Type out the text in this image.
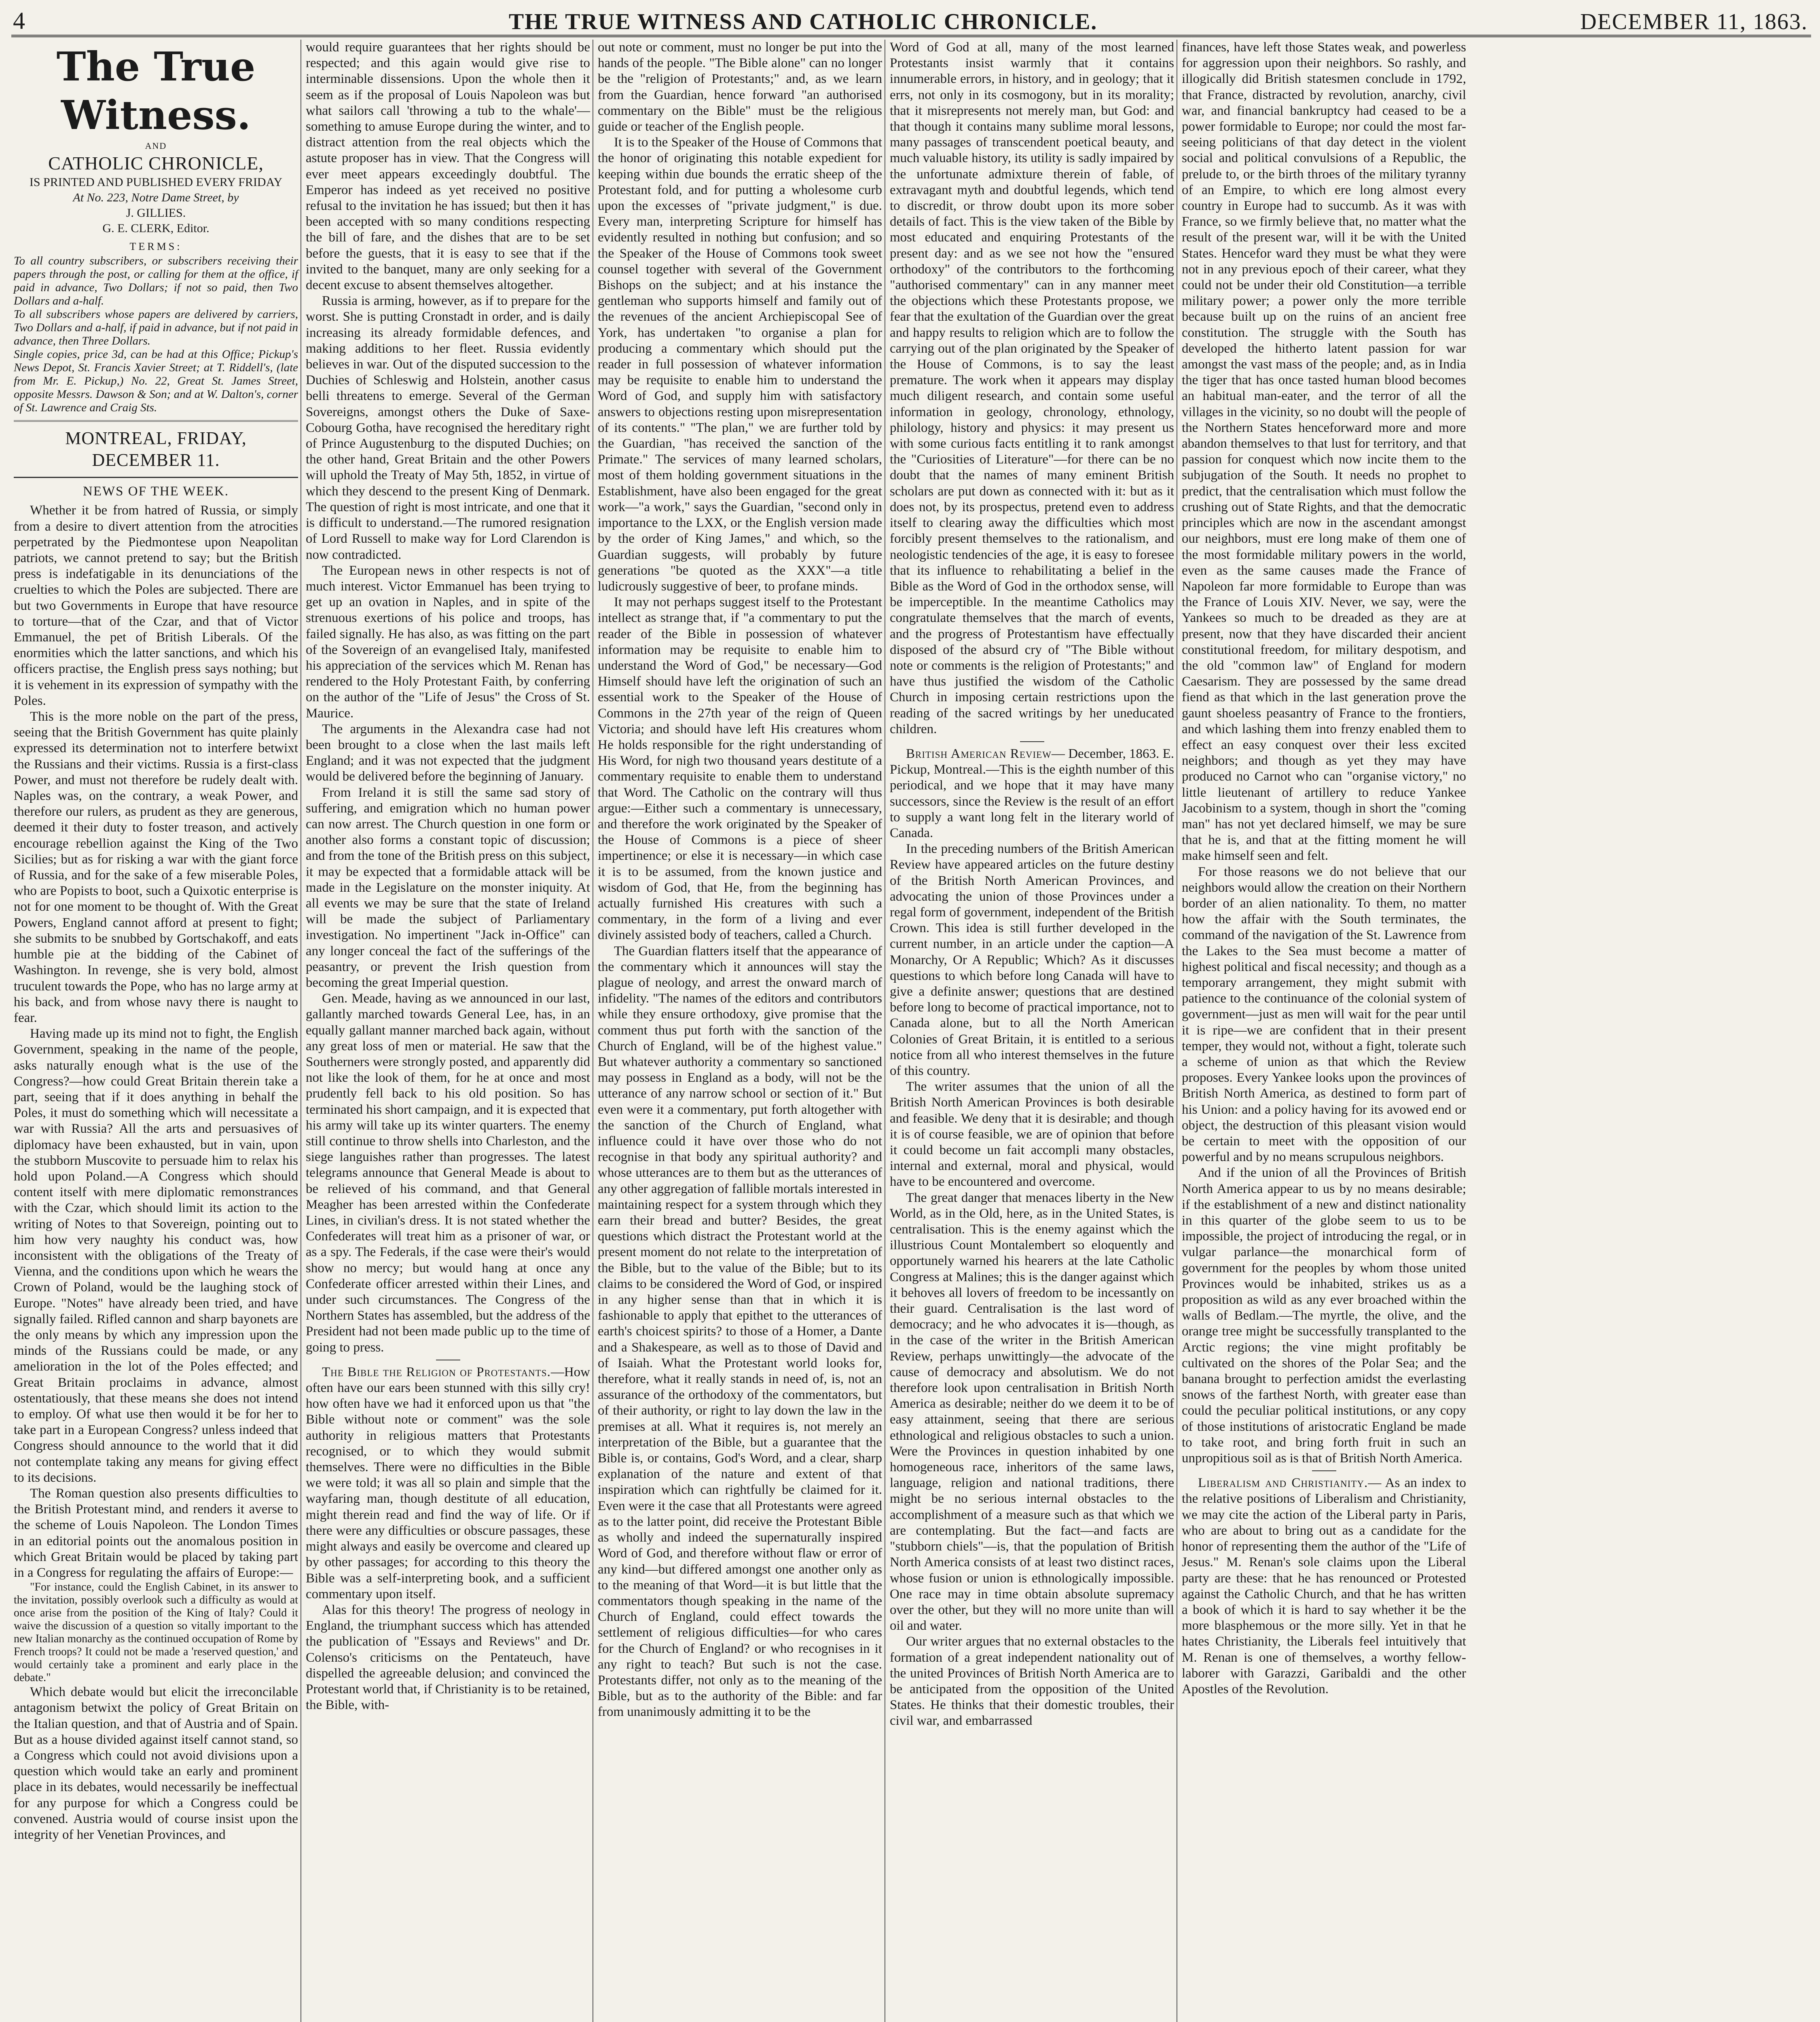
4	THE TRUE WITNESS AND CATHOLIC CHRONICLE.	DECEMBER 11, 1863.
The True Witness.
AND
CATHOLIC CHRONICLE,
IS PRINTED AND PUBLISHED EVERY FRIDAY
At No. 223, Notre Dame Street, by
J. GILLIES.
G. E. CLERK, Editor.
TERMS:

To all country subscribers, or subscribers receiving their papers through the post, or calling for them at the office, if paid in advance, Two Dollars; if not so paid, then Two Dollars and a-half.

To all subscribers whose papers are delivered by carriers, Two Dollars and a-half, if paid in advance, but if not paid in advance, then Three Dollars.

Single copies, price 3d, can be had at this Office; Pickup's News Depot, St. Francis Xavier Street; at T. Riddell's, (late from Mr. E. Pickup,) No. 22, Great St. James Street, opposite Messrs. Dawson & Son; and at W. Dalton's, corner of St. Lawrence and Craig Sts.

MONTREAL, FRIDAY, DECEMBER 11.
NEWS OF THE WEEK.

Whether it be from hatred of Russia, or simply from a desire to divert attention from the atrocities perpetrated by the Piedmontese upon Neapolitan patriots, we cannot pretend to say; but the British press is indefatigable in its denunciations of the cruelties to which the Poles are subjected. There are but two Governments in Europe that have resource to torture—that of the Czar, and that of Victor Emmanuel, the pet of British Liberals. Of the enormities which the latter sanctions, and which his officers practise, the English press says nothing; but it is vehement in its expression of sympathy with the Poles.

This is the more noble on the part of the press, seeing that the British Government has quite plainly expressed its determination not to interfere betwixt the Russians and their victims. Russia is a first-class Power, and must not therefore be rudely dealt with. Naples was, on the contrary, a weak Power, and therefore our rulers, as prudent as they are generous, deemed it their duty to foster treason, and actively encourage rebellion against the King of the Two Sicilies; but as for risking a war with the giant force of Russia, and for the sake of a few miserable Poles, who are Popists to boot, such a Quixotic enterprise is not for one moment to be thought of. With the Great Powers, England cannot afford at present to fight; she submits to be snubbed by Gortschakoff, and eats humble pie at the bidding of the Cabinet of Washington. In revenge, she is very bold, almost truculent towards the Pope, who has no large army at his back, and from whose navy there is naught to fear.

Having made up its mind not to fight, the English Government, speaking in the name of the people, asks naturally enough what is the use of the Congress?—how could Great Britain therein take a part, seeing that if it does anything in behalf the Poles, it must do something which will necessitate a war with Russia? All the arts and persuasives of diplomacy have been exhausted, but in vain, upon the stubborn Muscovite to persuade him to relax his hold upon Poland.—A Congress which should content itself with mere diplomatic remonstrances with the Czar, which should limit its action to the writing of Notes to that Sovereign, pointing out to him how very naughty his conduct was, how inconsistent with the obligations of the Treaty of Vienna, and the conditions upon which he wears the Crown of Poland, would be the laughing stock of Europe. "Notes" have already been tried, and have signally failed. Rifled cannon and sharp bayonets are the only means by which any impression upon the minds of the Russians could be made, or any amelioration in the lot of the Poles effected; and Great Britain proclaims in advance, almost ostentatiously, that these means she does not intend to employ. Of what use then would it be for her to take part in a European Congress? unless indeed that Congress should announce to the world that it did not contemplate taking any means for giving effect to its decisions.

The Roman question also presents difficulties to the British Protestant mind, and renders it averse to the scheme of Louis Napoleon. The London Times in an editorial points out the anomalous position in which Great Britain would be placed by taking part in a Congress for regulating the affairs of Europe:—

"For instance, could the English Cabinet, in its answer to the invitation, possibly overlook such a difficulty as would at once arise from the position of the King of Italy? Could it waive the discussion of a question so vitally important to the new Italian monarchy as the continued occupation of Rome by French troops? It could not be made a 'reserved question,' and would certainly take a prominent and early place in the debate."

Which debate would but elicit the irreconcilable antagonism betwixt the policy of Great Britain on the Italian question, and that of Austria and of Spain. But as a house divided against itself cannot stand, so a Congress which could not avoid divisions upon a question which would take an early and prominent place in its debates, would necessarily be ineffectual for any purpose for which a Congress could be convened. Austria would of course insist upon the integrity of her Venetian Provinces, and

would require guarantees that her rights should be respected; and this again would give rise to interminable dissensions. Upon the whole then it seem as if the proposal of Louis Napoleon was but what sailors call 'throwing a tub to the whale'—something to amuse Europe during the winter, and to distract attention from the real objects which the astute proposer has in view. That the Congress will ever meet appears exceedingly doubtful. The Emperor has indeed as yet received no positive refusal to the invitation he has issued; but then it has been accepted with so many conditions respecting the bill of fare, and the dishes that are to be set before the guests, that it is easy to see that if the invited to the banquet, many are only seeking for a decent excuse to absent themselves altogether.

Russia is arming, however, as if to prepare for the worst. She is putting Cronstadt in order, and is daily increasing its already formidable defences, and making additions to her fleet. Russia evidently believes in war. Out of the disputed succession to the Duchies of Schleswig and Holstein, another casus belli threatens to emerge. Several of the German Sovereigns, amongst others the Duke of Saxe-Cobourg Gotha, have recognised the hereditary right of Prince Augustenburg to the disputed Duchies; on the other hand, Great Britain and the other Powers will uphold the Treaty of May 5th, 1852, in virtue of which they descend to the present King of Denmark. The question of right is most intricate, and one that it is difficult to understand.—The rumored resignation of Lord Russell to make way for Lord Clarendon is now contradicted.

The European news in other respects is not of much interest. Victor Emmanuel has been trying to get up an ovation in Naples, and in spite of the strenuous exertions of his police and troops, has failed signally. He has also, as was fitting on the part of the Sovereign of an evangelised Italy, manifested his appreciation of the services which M. Renan has rendered to the Holy Protestant Faith, by conferring on the author of the "Life of Jesus" the Cross of St. Maurice.

The arguments in the Alexandra case had not been brought to a close when the last mails left England; and it was not expected that the judgment would be delivered before the beginning of January.

From Ireland it is still the same sad story of suffering, and emigration which no human power can now arrest. The Church question in one form or another also forms a constant topic of discussion; and from the tone of the British press on this subject, it may be expected that a formidable attack will be made in the Legislature on the monster iniquity. At all events we may be sure that the state of Ireland will be made the subject of Parliamentary investigation. No impertinent "Jack in-Office" can any longer conceal the fact of the sufferings of the peasantry, or prevent the Irish question from becoming the great Imperial question.

Gen. Meade, having as we announced in our last, gallantly marched towards General Lee, has, in an equally gallant manner marched back again, without any great loss of men or material. He saw that the Southerners were strongly posted, and apparently did not like the look of them, for he at once and most prudently fell back to his old position. So has terminated his short campaign, and it is expected that his army will take up its winter quarters. The enemy still continue to throw shells into Charleston, and the siege languishes rather than progresses. The latest telegrams announce that General Meade is about to be relieved of his command, and that General Meagher has been arrested within the Confederate Lines, in civilian's dress. It is not stated whether the Confederates will treat him as a prisoner of war, or as a spy. The Federals, if the case were their's would show no mercy; but would hang at once any Confederate officer arrested within their Lines, and under such circumstances. The Congress of the Northern States has assembled, but the address of the President had not been made public up to the time of going to press.

The Bible the Religion of Protestants.—How often have our ears been stunned with this silly cry! how often have we had it enforced upon us that "the Bible without note or comment" was the sole authority in religious matters that Protestants recognised, or to which they would submit themselves. There were no difficulties in the Bible we were told; it was all so plain and simple that the wayfaring man, though destitute of all education, might therein read and find the way of life. Or if there were any difficulties or obscure passages, these might always and easily be overcome and cleared up by other passages; for according to this theory the Bible was a self-interpreting book, and a sufficient commentary upon itself.

Alas for this theory! The progress of neology in England, the triumphant success which has attended the publication of "Essays and Reviews" and Dr. Colenso's criticisms on the Pentateuch, have dispelled the agreeable delusion; and convinced the Protestant world that, if Christianity is to be retained, the Bible, with-

out note or comment, must no longer be put into the hands of the people. "The Bible alone" can no longer be the "religion of Protestants;" and, as we learn from the Guardian, hence forward "an authorised commentary on the Bible" must be the religious guide or teacher of the English people.

It is to the Speaker of the House of Commons that the honor of originating this notable expedient for keeping within due bounds the erratic sheep of the Protestant fold, and for putting a wholesome curb upon the excesses of "private judgment," is due. Every man, interpreting Scripture for himself has evidently resulted in nothing but confusion; and so the Speaker of the House of Commons took sweet counsel together with several of the Government Bishops on the subject; and at his instance the gentleman who supports himself and family out of the revenues of the ancient Archiepiscopal See of York, has undertaken "to organise a plan for producing a commentary which should put the reader in full possession of whatever information may be requisite to enable him to understand the Word of God, and supply him with satisfactory answers to objections resting upon misrepresentation of its contents." "The plan," we are further told by the Guardian, "has received the sanction of the Primate." The services of many learned scholars, most of them holding government situations in the Establishment, have also been engaged for the great work—"a work," says the Guardian, "second only in importance to the LXX, or the English version made by the order of King James," and which, so the Guardian suggests, will probably by future generations "be quoted as the XXX"—a title ludicrously suggestive of beer, to profane minds.

It may not perhaps suggest itself to the Protestant intellect as strange that, if "a commentary to put the reader of the Bible in possession of whatever information may be requisite to enable him to understand the Word of God," be necessary—God Himself should have left the origination of such an essential work to the Speaker of the House of Commons in the 27th year of the reign of Queen Victoria; and should have left His creatures whom He holds responsible for the right understanding of His Word, for nigh two thousand years destitute of a commentary requisite to enable them to understand that Word. The Catholic on the contrary will thus argue:—Either such a commentary is unnecessary, and therefore the work originated by the Speaker of the House of Commons is a piece of sheer impertinence; or else it is necessary—in which case it is to be assumed, from the known justice and wisdom of God, that He, from the beginning has actually furnished His creatures with such a commentary, in the form of a living and ever divinely assisted body of teachers, called a Church.

The Guardian flatters itself that the appearance of the commentary which it announces will stay the plague of neology, and arrest the onward march of infidelity. "The names of the editors and contributors while they ensure orthodoxy, give promise that the comment thus put forth with the sanction of the Church of England, will be of the highest value." But whatever authority a commentary so sanctioned may possess in England as a body, will not be the utterance of any narrow school or section of it." But even were it a commentary, put forth altogether with the sanction of the Church of England, what influence could it have over those who do not recognise in that body any spiritual authority? and whose utterances are to them but as the utterances of any other aggregation of fallible mortals interested in maintaining respect for a system through which they earn their bread and butter? Besides, the great questions which distract the Protestant world at the present moment do not relate to the interpretation of the Bible, but to the value of the Bible; but to its claims to be considered the Word of God, or inspired in any higher sense than that in which it is fashionable to apply that epithet to the utterances of earth's choicest spirits? to those of a Homer, a Dante and a Shakespeare, as well as to those of David and of Isaiah. What the Protestant world looks for, therefore, what it really stands in need of, is, not an assurance of the orthodoxy of the commentators, but of their authority, or right to lay down the law in the premises at all. What it requires is, not merely an interpretation of the Bible, but a guarantee that the Bible is, or contains, God's Word, and a clear, sharp explanation of the nature and extent of that inspiration which can rightfully be claimed for it. Even were it the case that all Protestants were agreed as to the latter point, did receive the Protestant Bible as wholly and indeed the supernaturally inspired Word of God, and therefore without flaw or error of any kind—but differed amongst one another only as to the meaning of that Word—it is but little that the commentators though speaking in the name of the Church of England, could effect towards the settlement of religious difficulties—for who cares for the Church of England? or who recognises in it any right to teach? But such is not the case. Protestants differ, not only as to the meaning of the Bible, but as to the authority of the Bible: and far from unanimously admitting it to be the

Word of God at all, many of the most learned Protestants insist warmly that it contains innumerable errors, in history, and in geology; that it errs, not only in its cosmogony, but in its morality; that it misrepresents not merely man, but God: and that though it contains many sublime moral lessons, many passages of transcendent poetical beauty, and much valuable history, its utility is sadly impaired by the unfortunate admixture therein of fable, of extravagant myth and doubtful legends, which tend to discredit, or throw doubt upon its more sober details of fact. This is the view taken of the Bible by most educated and enquiring Protestants of the present day: and as we see not how the "ensured orthodoxy" of the contributors to the forthcoming "authorised commentary" can in any manner meet the objections which these Protestants propose, we fear that the exultation of the Guardian over the great and happy results to religion which are to follow the carrying out of the plan originated by the Speaker of the House of Commons, is to say the least premature. The work when it appears may display much diligent research, and contain some useful information in geology, chronology, ethnology, philology, history and physics: it may present us with some curious facts entitling it to rank amongst the "Curiosities of Literature"—for there can be no doubt that the names of many eminent British scholars are put down as connected with it: but as it does not, by its prospectus, pretend even to address itself to clearing away the difficulties which most forcibly present themselves to the rationalism, and neologistic tendencies of the age, it is easy to foresee that its influence to rehabilitating a belief in the Bible as the Word of God in the orthodox sense, will be imperceptible. In the meantime Catholics may congratulate themselves that the march of events, and the progress of Protestantism have effectually disposed of the absurd cry of "The Bible without note or comments is the religion of Protestants;" and have thus justified the wisdom of the Catholic Church in imposing certain restrictions upon the reading of the sacred writings by her uneducated children.

British American Review— December, 1863. E. Pickup, Montreal.—This is the eighth number of this periodical, and we hope that it may have many successors, since the Review is the result of an effort to supply a want long felt in the literary world of Canada.

In the preceding numbers of the British American Review have appeared articles on the future destiny of the British North American Provinces, and advocating the union of those Provinces under a regal form of government, independent of the British Crown. This idea is still further developed in the current number, in an article under the caption—A Monarchy, Or A Republic; Which? As it discusses questions to which before long Canada will have to give a definite answer; questions that are destined before long to become of practical importance, not to Canada alone, but to all the North American Colonies of Great Britain, it is entitled to a serious notice from all who interest themselves in the future of this country.

The writer assumes that the union of all the British North American Provinces is both desirable and feasible. We deny that it is desirable; and though it is of course feasible, we are of opinion that before it could become un fait accompli many obstacles, internal and external, moral and physical, would have to be encountered and overcome.

The great danger that menaces liberty in the New World, as in the Old, here, as in the United States, is centralisation. This is the enemy against which the illustrious Count Montalembert so eloquently and opportunely warned his hearers at the late Catholic Congress at Malines; this is the danger against which it behoves all lovers of freedom to be incessantly on their guard. Centralisation is the last word of democracy; and he who advocates it is—though, as in the case of the writer in the British American Review, perhaps unwittingly—the advocate of the cause of democracy and absolutism. We do not therefore look upon centralisation in British North America as desirable; neither do we deem it to be of easy attainment, seeing that there are serious ethnological and religious obstacles to such a union. Were the Provinces in question inhabited by one homogeneous race, inheritors of the same laws, language, religion and national traditions, there might be no serious internal obstacles to the accomplishment of a measure such as that which we are contemplating. But the fact—and facts are "stubborn chiels"—is, that the population of British North America consists of at least two distinct races, whose fusion or union is ethnologically impossible. One race may in time obtain absolute supremacy over the other, but they will no more unite than will oil and water.

Our writer argues that no external obstacles to the formation of a great independent nationality out of the united Provinces of British North America are to be anticipated from the opposition of the United States. He thinks that their domestic troubles, their civil war, and embarrassed

finances, have left those States weak, and powerless for aggression upon their neighbors. So rashly, and illogically did British statesmen conclude in 1792, that France, distracted by revolution, anarchy, civil war, and financial bankruptcy had ceased to be a power formidable to Europe; nor could the most far-seeing politicians of that day detect in the violent social and political convulsions of a Republic, the prelude to, or the birth throes of the military tyranny of an Empire, to which ere long almost every country in Europe had to succumb. As it was with France, so we firmly believe that, no matter what the result of the present war, will it be with the United States. Hencefor ward they must be what they were not in any previous epoch of their career, what they could not be under their old Constitution—a terrible military power; a power only the more terrible because built up on the ruins of an ancient free constitution. The struggle with the South has developed the hitherto latent passion for war amongst the vast mass of the people; and, as in India the tiger that has once tasted human blood becomes an habitual man-eater, and the terror of all the villages in the vicinity, so no doubt will the people of the Northern States henceforward more and more abandon themselves to that lust for territory, and that passion for conquest which now incite them to the subjugation of the South. It needs no prophet to predict, that the centralisation which must follow the crushing out of State Rights, and that the democratic principles which are now in the ascendant amongst our neighbors, must ere long make of them one of the most formidable military powers in the world, even as the same causes made the France of Napoleon far more formidable to Europe than was the France of Louis XIV. Never, we say, were the Yankees so much to be dreaded as they are at present, now that they have discarded their ancient constitutional freedom, for military despotism, and the old "common law" of England for modern Caesarism. They are possessed by the same dread fiend as that which in the last generation prove the gaunt shoeless peasantry of France to the frontiers, and which lashing them into frenzy enabled them to effect an easy conquest over their less excited neighbors; and though as yet they may have produced no Carnot who can "organise victory," no little lieutenant of artillery to reduce Yankee Jacobinism to a system, though in short the "coming man" has not yet declared himself, we may be sure that he is, and that at the fitting moment he will make himself seen and felt.

For those reasons we do not believe that our neighbors would allow the creation on their Northern border of an alien nationality. To them, no matter how the affair with the South terminates, the command of the navigation of the St. Lawrence from the Lakes to the Sea must become a matter of highest political and fiscal necessity; and though as a temporary arrangement, they might submit with patience to the continuance of the colonial system of government—just as men will wait for the pear until it is ripe—we are confident that in their present temper, they would not, without a fight, tolerate such a scheme of union as that which the Review proposes. Every Yankee looks upon the provinces of British North America, as destined to form part of his Union: and a policy having for its avowed end or object, the destruction of this pleasant vision would be certain to meet with the opposition of our powerful and by no means scrupulous neighbors.

And if the union of all the Provinces of British North America appear to us by no means desirable; if the establishment of a new and distinct nationality in this quarter of the globe seem to us to be impossible, the project of introducing the regal, or in vulgar parlance—the monarchical form of government for the peoples by whom those united Provinces would be inhabited, strikes us as a proposition as wild as any ever broached within the walls of Bedlam.—The myrtle, the olive, and the orange tree might be successfully transplanted to the Arctic regions; the vine might profitably be cultivated on the shores of the Polar Sea; and the banana brought to perfection amidst the everlasting snows of the farthest North, with greater ease than could the peculiar political institutions, or any copy of those institutions of aristocratic England be made to take root, and bring forth fruit in such an unpropitious soil as is that of British North America.

Liberalism and Christianity.— As an index to the relative positions of Liberalism and Christianity, we may cite the action of the Liberal party in Paris, who are about to bring out as a candidate for the honor of representing them the author of the "Life of Jesus." M. Renan's sole claims upon the Liberal party are these: that he has renounced or Protested against the Catholic Church, and that he has written a book of which it is hard to say whether it be the more blasphemous or the more silly. Yet in that he hates Christianity, the Liberals feel intuitively that M. Renan is one of themselves, a worthy fellow-laborer with Garazzi, Garibaldi and the other Apostles of the Revolution.
